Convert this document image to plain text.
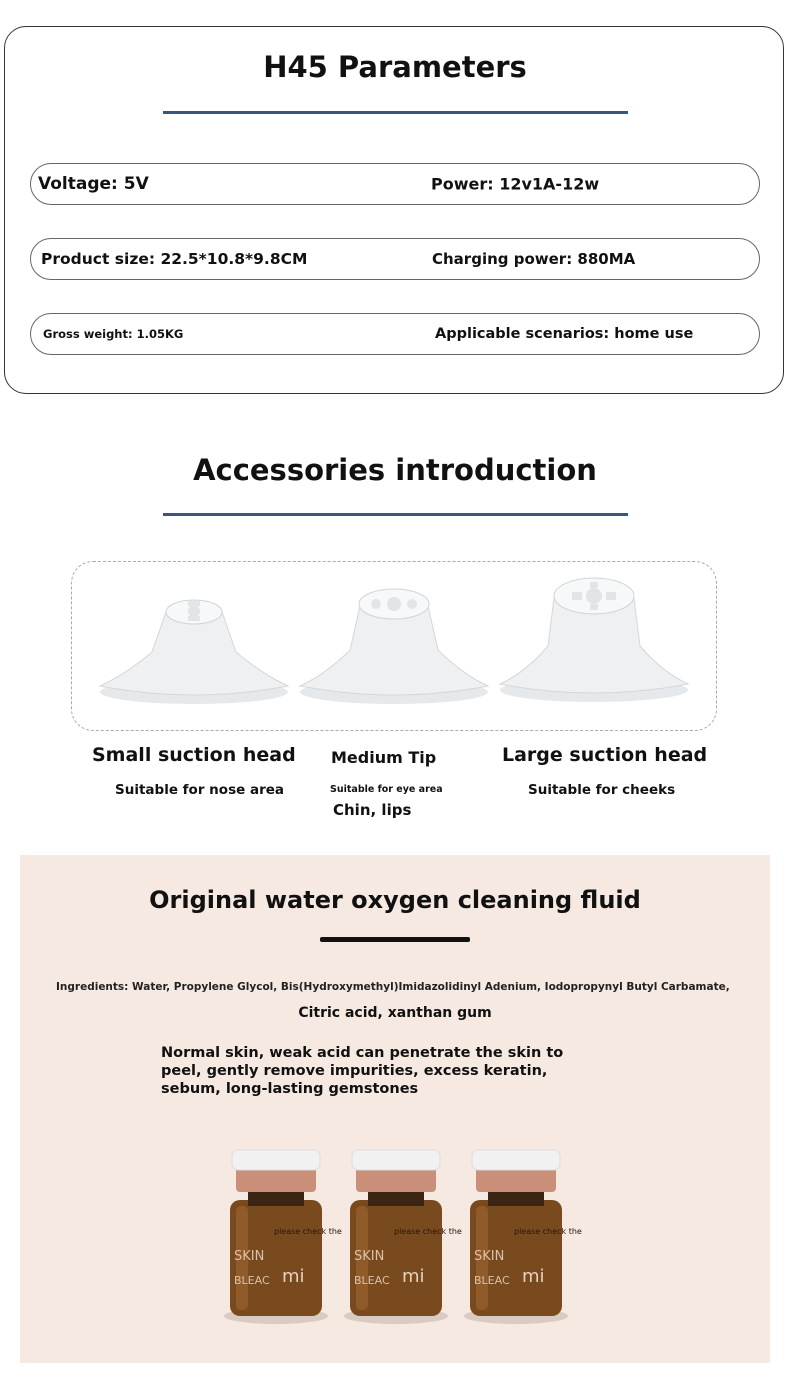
H45 Parameters
Voltage: 5V	Power: 12v1A-12w
Product size: 22.5*10.8*9.8CM	Charging power: 880MA
Gross weight: 1.05KG	Applicable scenarios: home use
Accessories introduction
Small suction head
Suitable for nose area
Medium Tip
Suitable for eye area
Chin, lips
Large suction head
Suitable for cheeks
Original water oxygen cleaning fluid
Ingredients: Water, Propylene Glycol, Bis(Hydroxymethyl)Imidazolidinyl Adenium, Iodopropynyl Butyl Carbamate,
Citric acid, xanthan gum
Normal skin, weak acid can penetrate the skin to peel, gently remove impurities, excess keratin, sebum, long-lasting gemstones
please check the
SKIN
BLEAC mi
please check the
SKIN
BLEAC mi
please check the
SKIN
BLEAC mi
